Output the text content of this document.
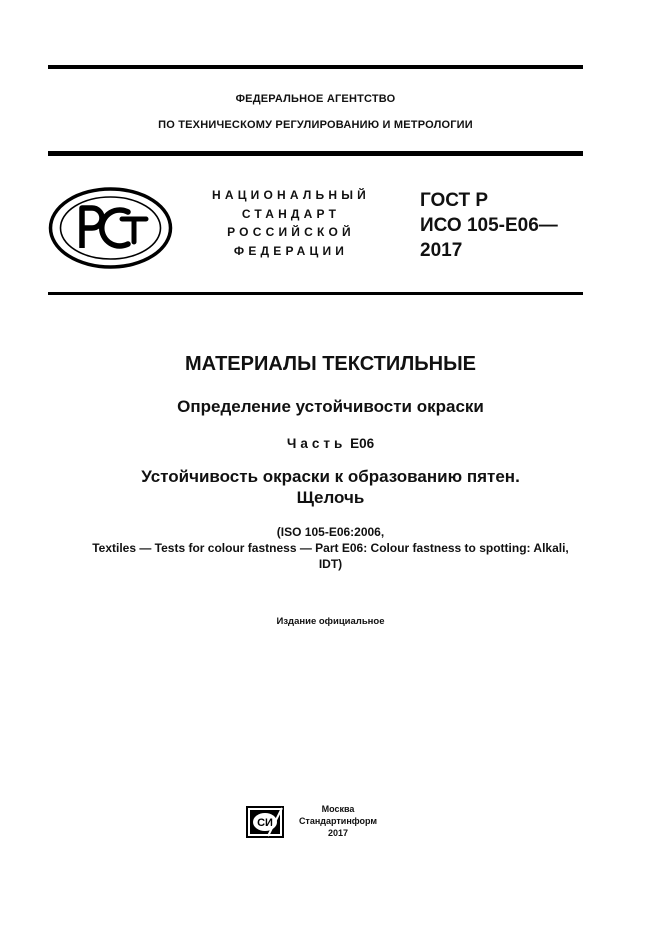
ФЕДЕРАЛЬНОЕ АГЕНТСТВО
ПО ТЕХНИЧЕСКОМУ РЕГУЛИРОВАНИЮ И МЕТРОЛОГИИ
НАЦИОНАЛЬНЫЙ
СТАНДАРТ
РОССИЙСКОЙ
ФЕДЕРАЦИИ
ГОСТ Р
ИСО 105-Е06—
2017
МАТЕРИАЛЫ ТЕКСТИЛЬНЫЕ
Определение устойчивости окраски
Часть Е06
Устойчивость окраски к образованию пятен.
Щелочь
(ISO 105-E06:2006,
Textiles — Tests for colour fastness — Part E06: Colour fastness to spotting: Alkali,
IDT)
Издание официальное
СИ
Москва
Стандартинформ
2017
